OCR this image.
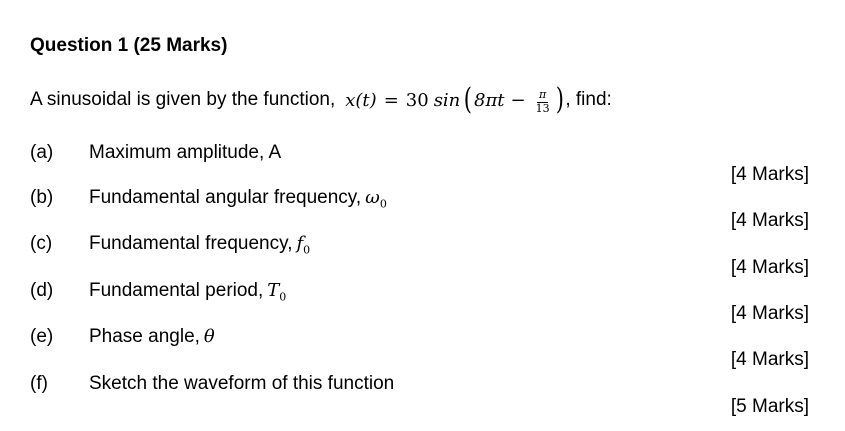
Question 1 (25 Marks)
A sinusoidal is given by the function, x(t) = 30 sin ( $8\pi t - \frac{\pi}{13}$ ) , find:
(a) Maximum amplitude, A
[4 Marks]
(b) Fundamental angular frequency, $\omega_0$
[4 Marks]
(c) Fundamental frequency, $f_0$
[4 Marks]
(d) Fundamental period, $T_0$
[4 Marks]
(e) Phase angle, θ
[4 Marks]
(f) Sketch the waveform of this function
[5 Marks]
